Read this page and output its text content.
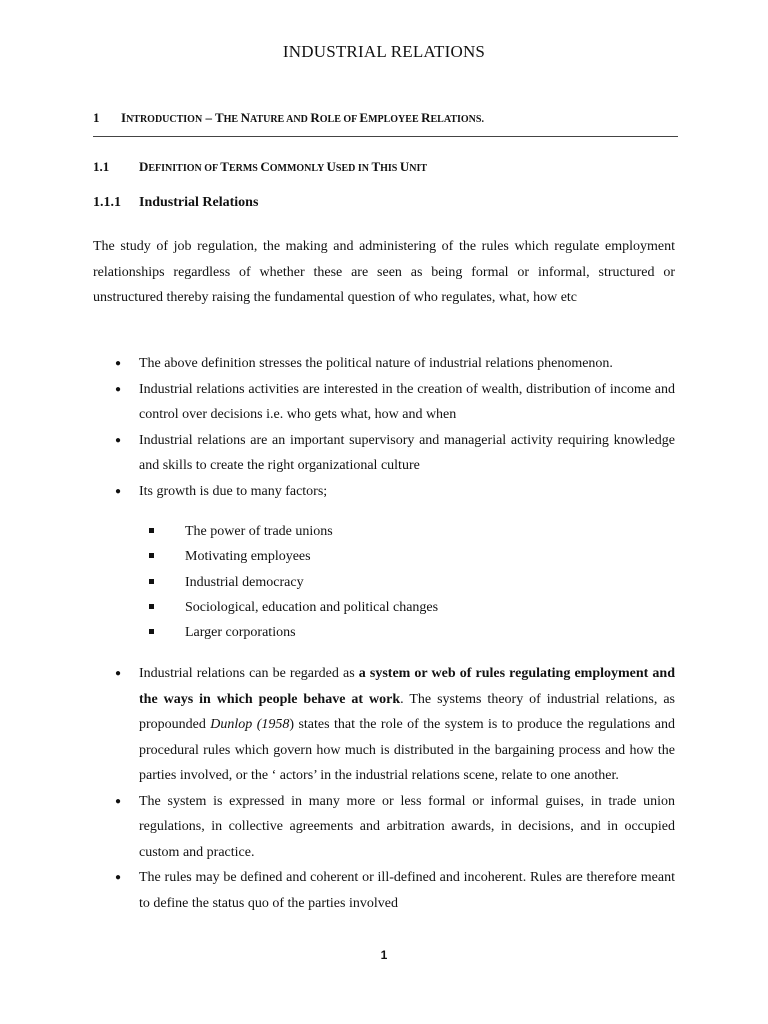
INDUSTRIAL RELATIONS
1 INTRODUCTION – THE NATURE AND ROLE OF EMPLOYEE RELATIONS.
1.1 DEFINITION OF TERMS COMMONLY USED IN THIS UNIT
1.1.1 Industrial Relations

The study of job regulation, the making and administering of the rules which regulate employment relationships regardless of whether these are seen as being formal or informal, structured or unstructured thereby raising the fundamental question of who regulates, what, how etc

● The above definition stresses the political nature of industrial relations phenomenon.
● Industrial relations activities are interested in the creation of wealth, distribution of income and control over decisions i.e. who gets what, how and when
● Industrial relations are an important supervisory and managerial activity requiring knowledge and skills to create the right organizational culture
● Its growth is due to many factors;
The power of trade unions
Motivating employees
Industrial democracy
Sociological, education and political changes
Larger corporations
● Industrial relations can be regarded as a system or web of rules regulating employment and the ways in which people behave at work. The systems theory of industrial relations, as propounded Dunlop (1958) states that the role of the system is to produce the regulations and procedural rules which govern how much is distributed in the bargaining process and how the parties involved, or the ‘ actors’ in the industrial relations scene, relate to one another.
● The system is expressed in many more or less formal or informal guises, in trade union regulations, in collective agreements and arbitration awards, in decisions, and in occupied custom and practice.
● The rules may be defined and coherent or ill-defined and incoherent. Rules are therefore meant to define the status quo of the parties involved
1
